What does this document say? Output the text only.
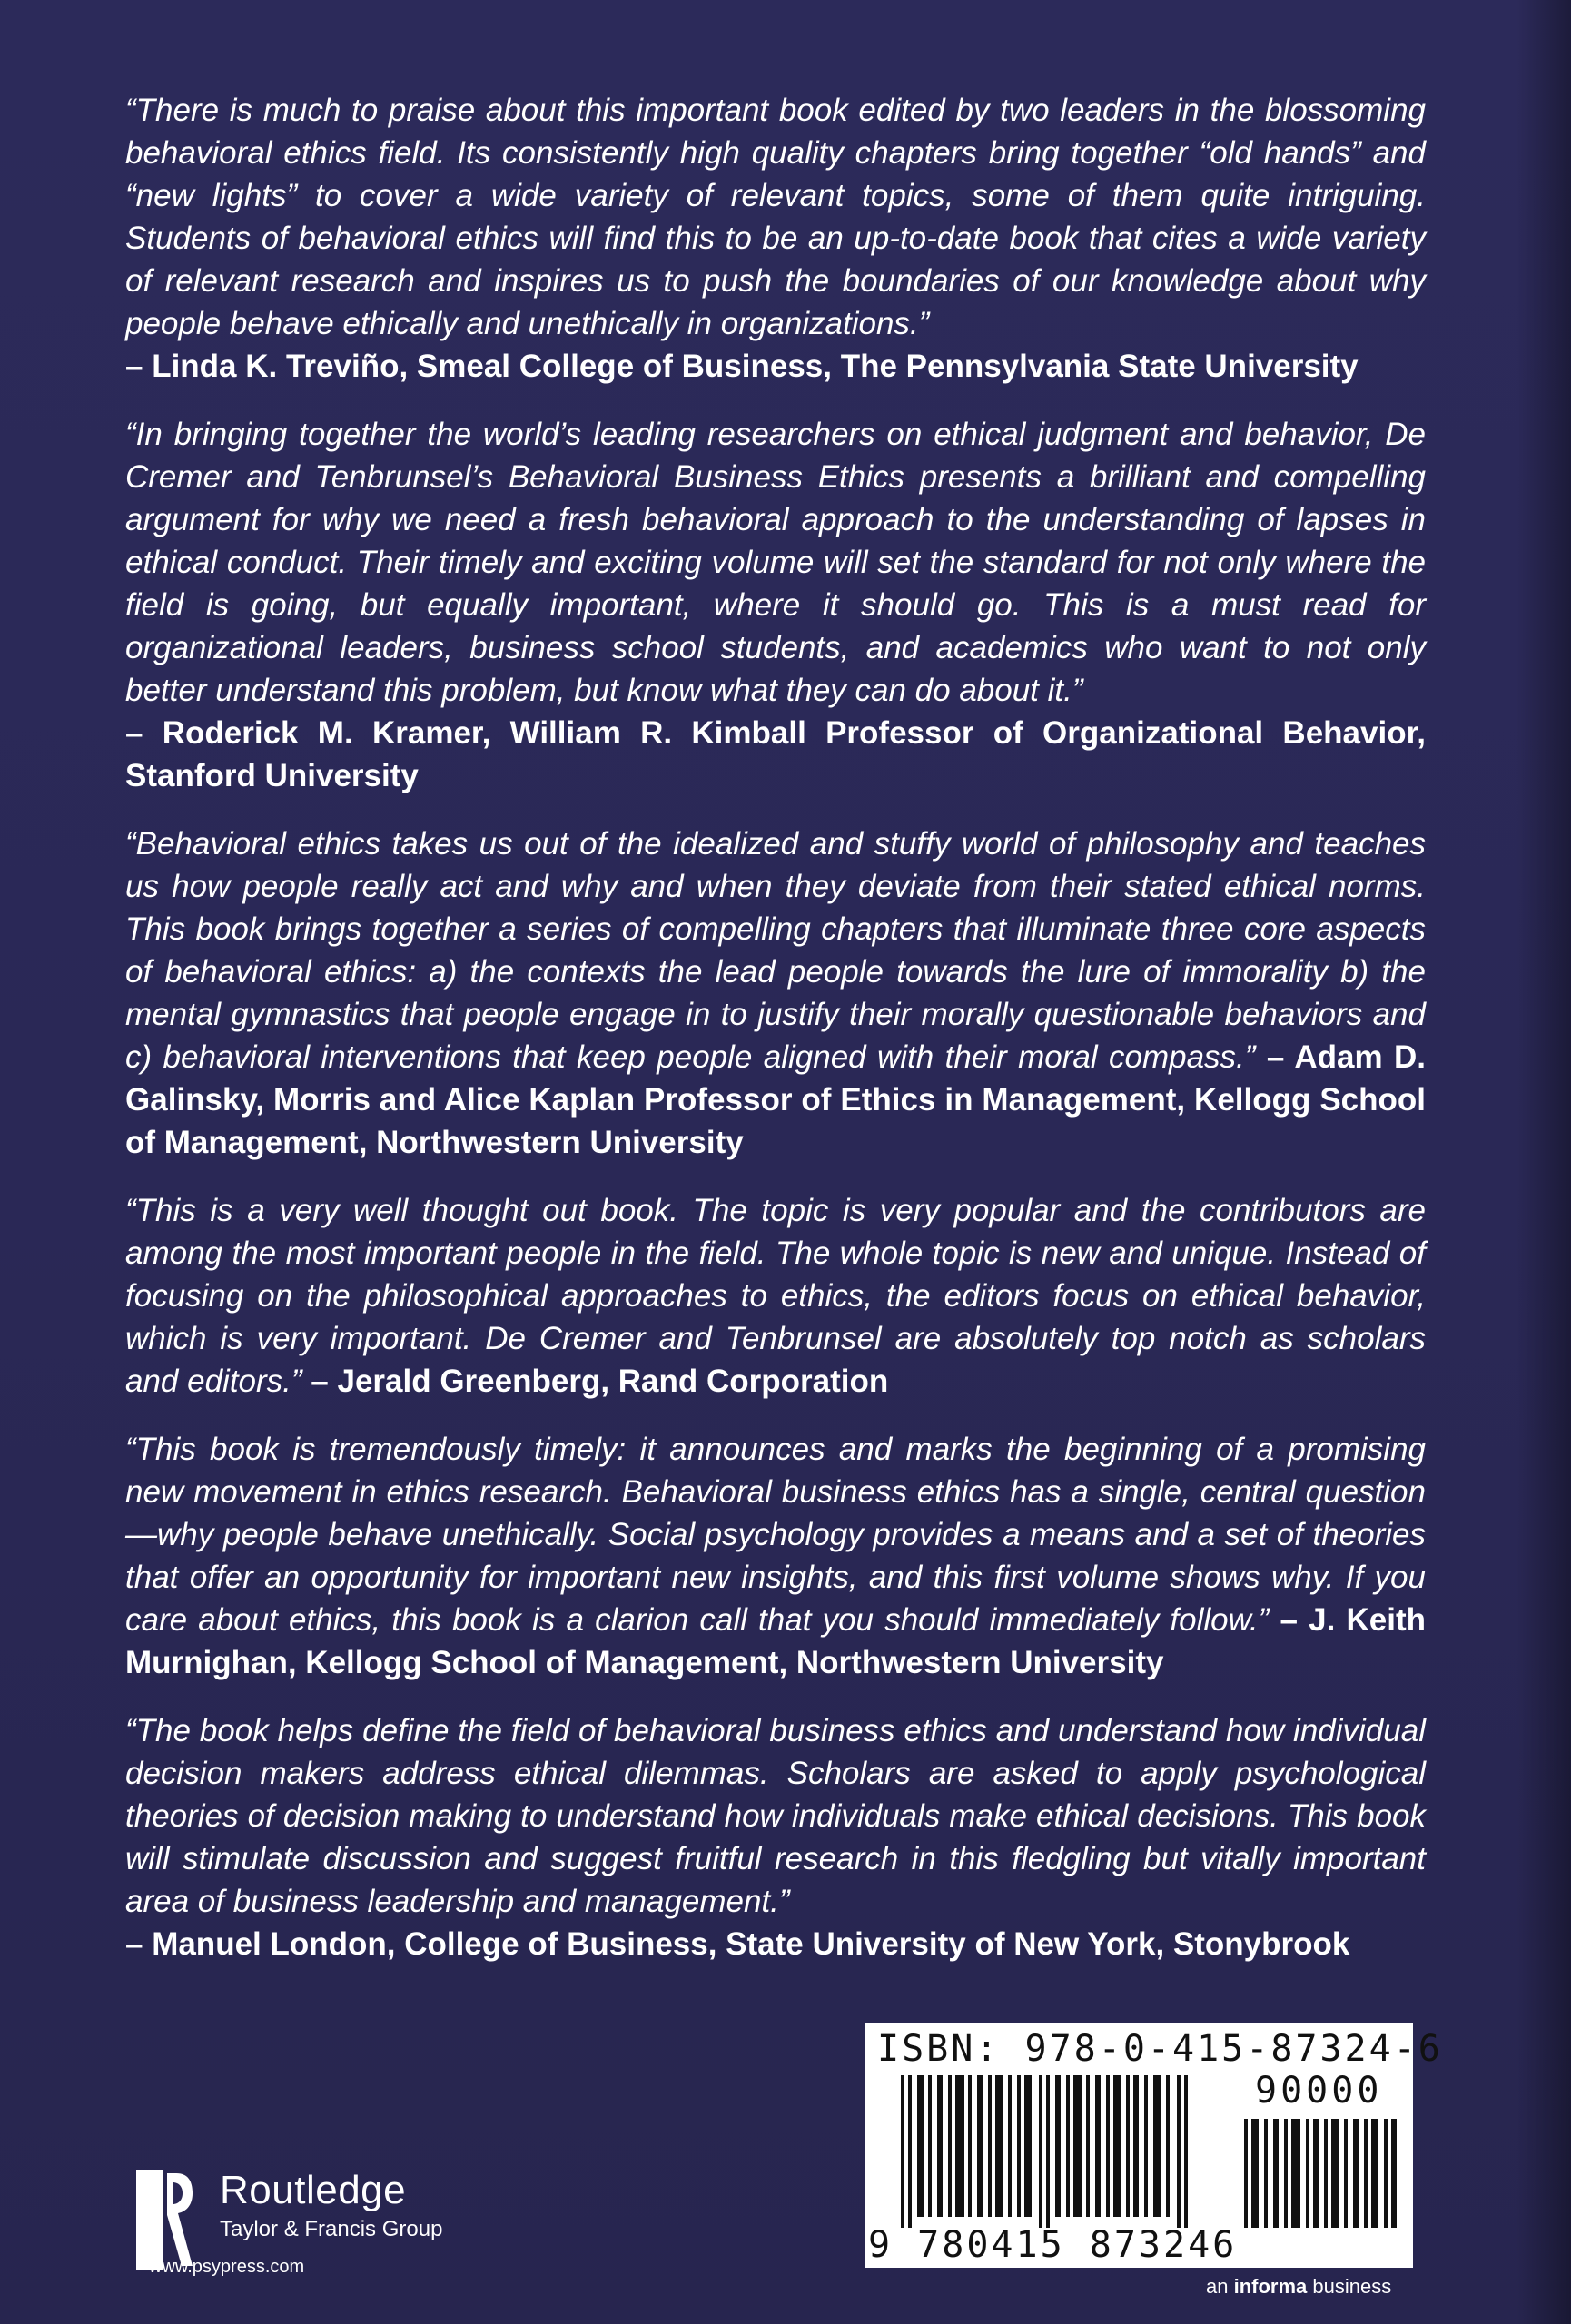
“There is much to praise about this important book edited by two leaders in the blossoming behavioral ethics field. Its consistently high quality chapters bring together “old hands” and “new lights” to cover a wide variety of relevant topics, some of them quite intriguing. Students of behavioral ethics will find this to be an up-to-date book that cites a wide variety of relevant research and inspires us to push the boundaries of our knowledge about why people behave ethically and unethically in organizations.”
– Linda K. Treviño, Smeal College of Business, The Pennsylvania State University

“In bringing together the world’s leading researchers on ethical judgment and behavior, De Cremer and Tenbrunsel’s Behavioral Business Ethics presents a brilliant and compelling argument for why we need a fresh behavioral approach to the understanding of lapses in ethical conduct. Their timely and exciting volume will set the standard for not only where the field is going, but equally important, where it should go. This is a must read for organizational leaders, business school students, and academics who want to not only better understand this problem, but know what they can do about it.”
– Roderick M. Kramer, William R. Kimball Professor of Organizational Behavior, Stanford University

“Behavioral ethics takes us out of the idealized and stuffy world of philosophy and teaches us how people really act and why and when they deviate from their stated ethical norms. This book brings together a series of compelling chapters that illuminate three core aspects of behavioral ethics: a) the contexts the lead people towards the lure of immorality b) the mental gymnastics that people engage in to justify their morally questionable behaviors and c) behavioral interventions that keep people aligned with their moral compass.” – Adam D. Galinsky, Morris and Alice Kaplan Professor of Ethics in Management, Kellogg School of Management, Northwestern University

“This is a very well thought out book. The topic is very popular and the contributors are among the most important people in the field. The whole topic is new and unique. Instead of focusing on the philosophical approaches to ethics, the editors focus on ethical behavior, which is very important. De Cremer and Tenbrunsel are absolutely top notch as scholars and editors.” – Jerald Greenberg, Rand Corporation

“This book is tremendously timely: it announces and marks the beginning of a promising new movement in ethics research. Behavioral business ethics has a single, central question—why people behave unethically. Social psychology provides a means and a set of theories that offer an opportunity for important new insights, and this first volume shows why. If you care about ethics, this book is a clarion call that you should immediately follow.” – J. Keith Murnighan, Kellogg School of Management, Northwestern University

“The book helps define the field of behavioral business ethics and understand how individual decision makers address ethical dilemmas. Scholars are asked to apply psychological theories of decision making to understand how individuals make ethical decisions. This book will stimulate discussion and suggest fruitful research in this fledgling but vitally important area of business leadership and management.”
– Manuel London, College of Business, State University of New York, Stonybrook

ROUTLEDGE
Routledge
Taylor & Francis Group
www.psypress.com
ISBN: 978-0-415-87324-6
90000
9 780415 873246
an informa business
